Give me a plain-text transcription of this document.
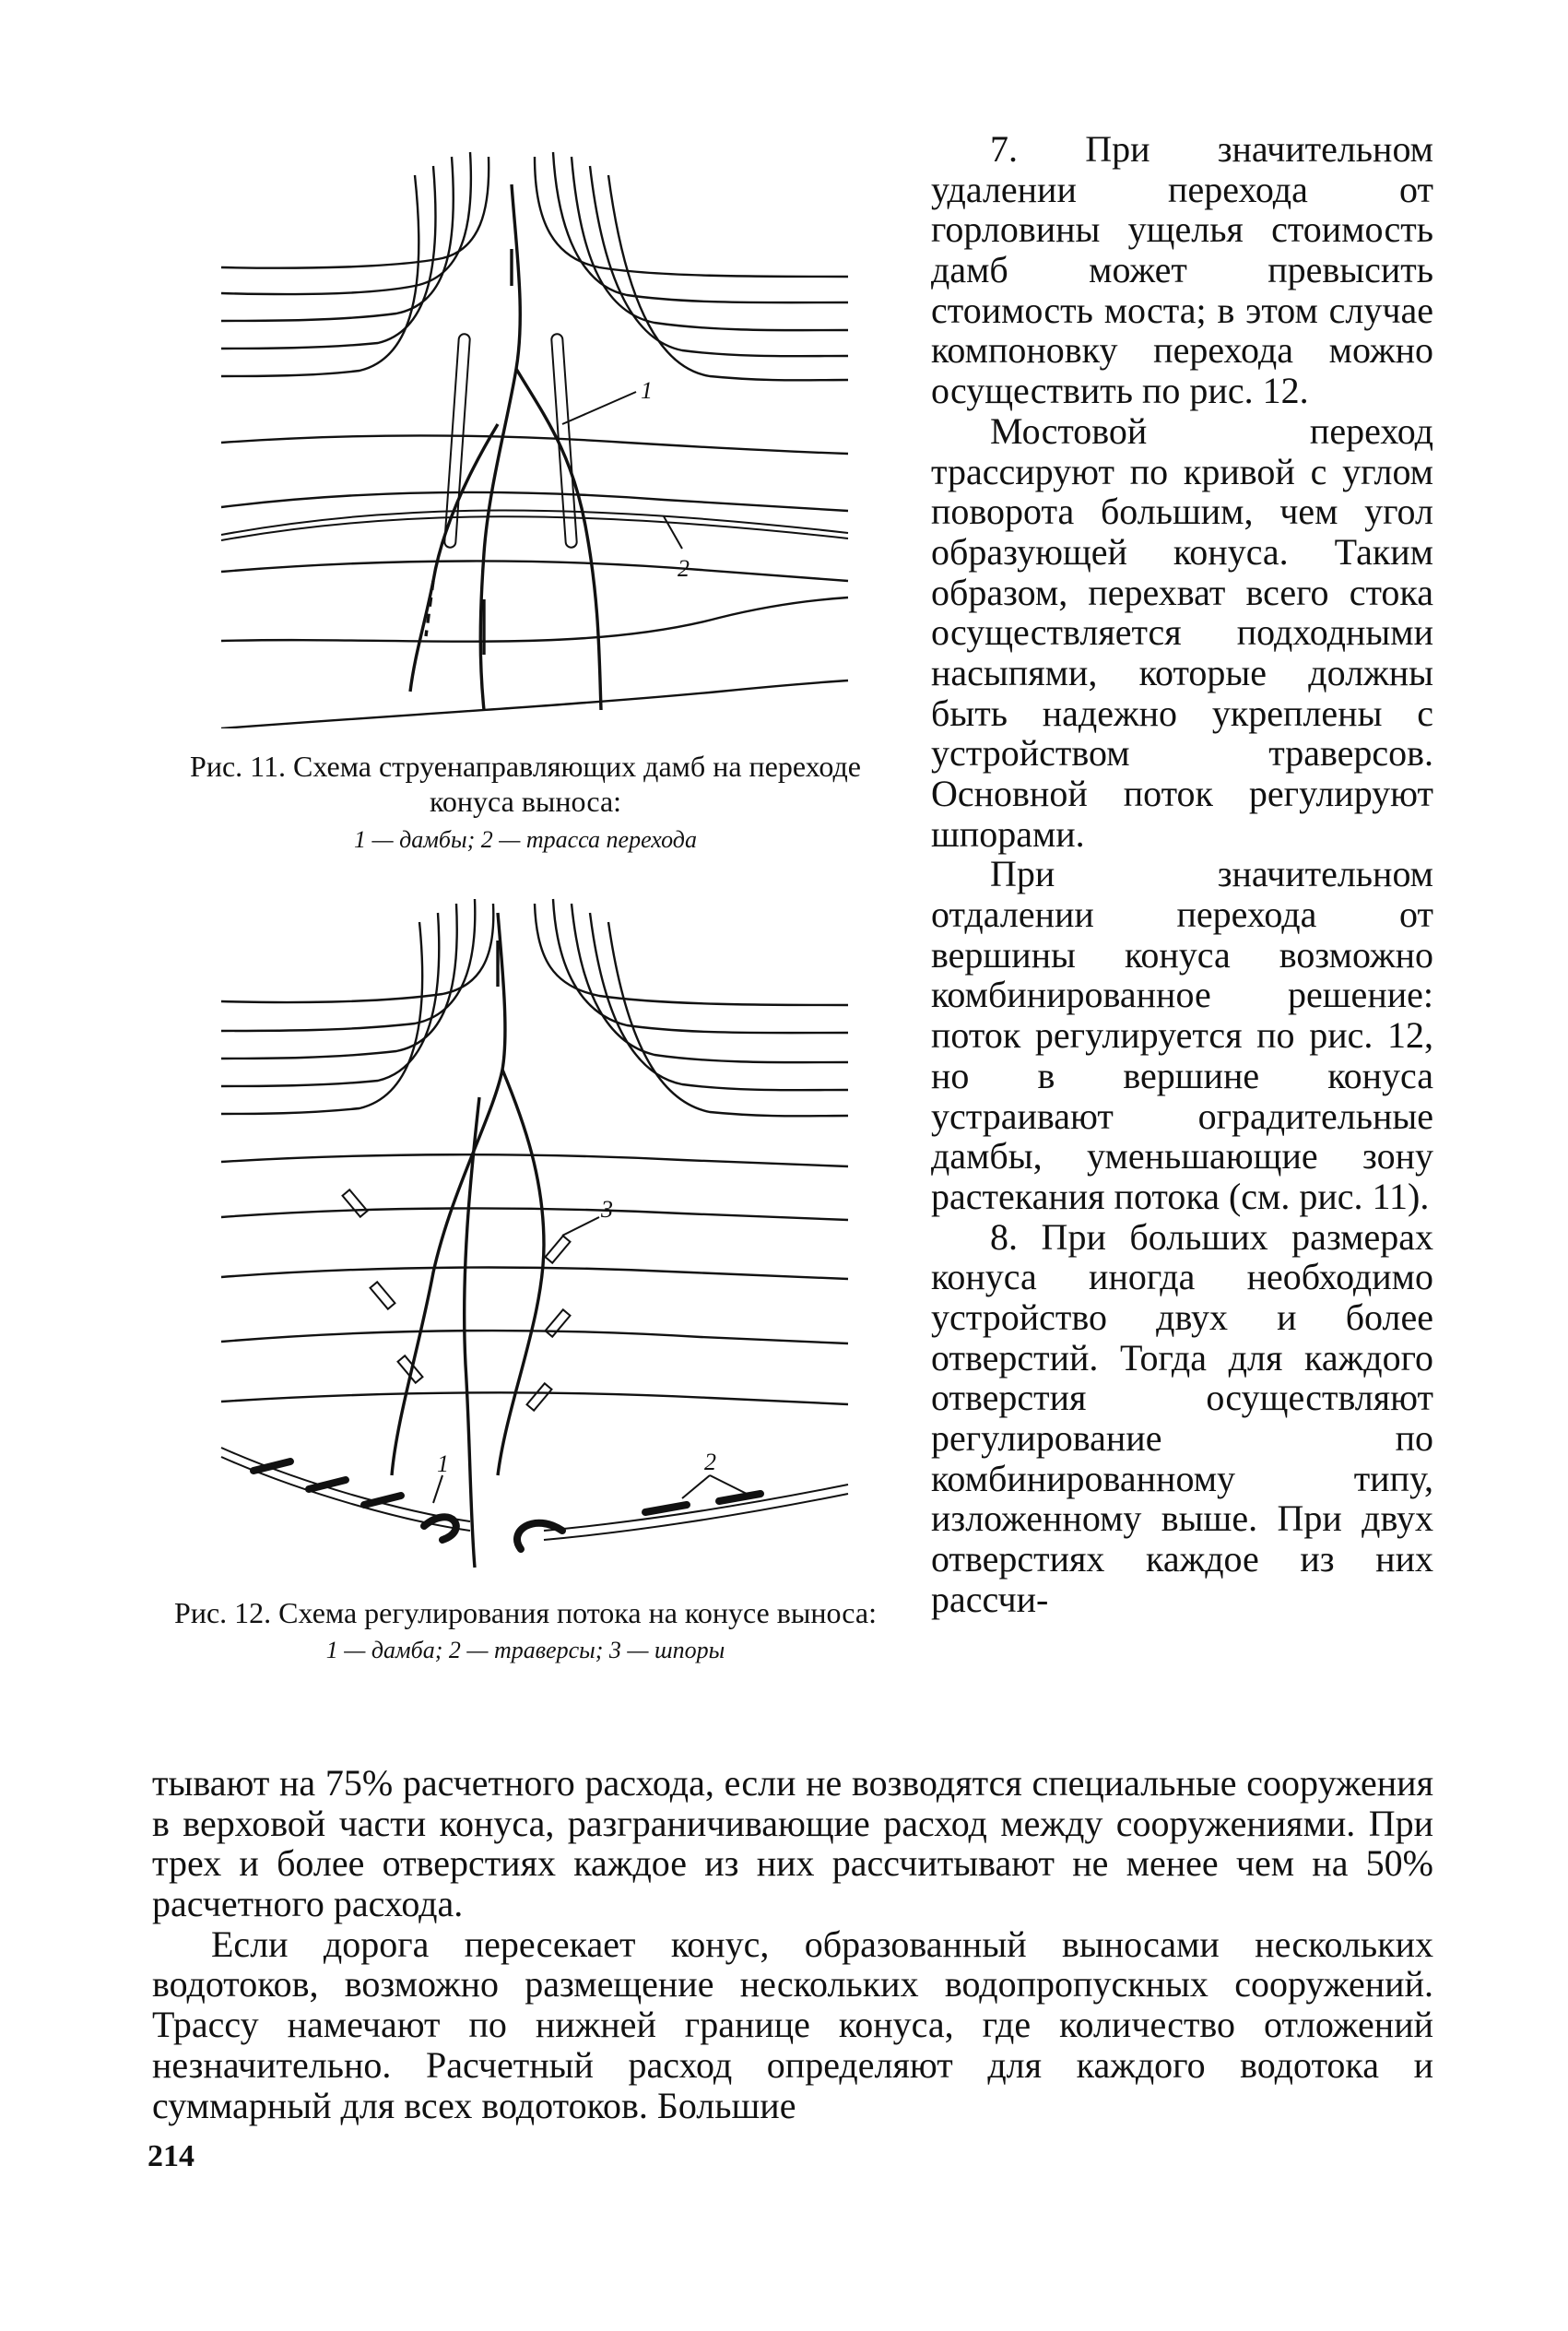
1
2
Рис. 11. Схема струенаправляющих дамб на переходе конуса выноса:
1 — дамбы; 2 — трасса перехода
3
1	2
Рис. 12. Схема регулирования потока на конусе выноса:
1 — дамба; 2 — траверсы; 3 — шпоры

7. При значительном удалении перехода от горловины ущелья стоимость дамб может превысить стоимость моста; в этом случае компоновку перехода можно осуществить по рис. 12.

Мостовой переход трассируют по кривой с углом поворота большим, чем угол образующей конуса. Таким образом, перехват всего стока осуществляется подходными насыпями, которые должны быть надежно укреплены с устройством траверсов. Основной поток регулируют шпорами.

При значительном отдалении перехода от вершины конуса возможно комбинированное решение: поток регулируется по рис. 12, но в вершине конуса устраивают оградительные дамбы, уменьшающие зону растекания потока (см. рис. 11).

8. При больших размерах конуса иногда необходимо устройство двух и более отверстий. Тогда для каждого отверстия осуществляют регулирование по комбинированному типу, изложенному выше. При двух отверстиях каждое из них рассчи-

тывают на 75% расчетного расхода, если не возводятся специальные сооружения в верховой части конуса, разграничивающие расход между сооружениями. При трех и более отверстиях каждое из них рассчитывают не менее чем на 50% расчетного расхода.

Если дорога пересекает конус, образованный выносами нескольких водотоков, возможно размещение нескольких водопропускных сооружений. Трассу намечают по нижней границе конуса, где количество отложений незначительно. Расчетный расход определяют для каждого водотока и суммарный для всех водотоков. Большие

214
